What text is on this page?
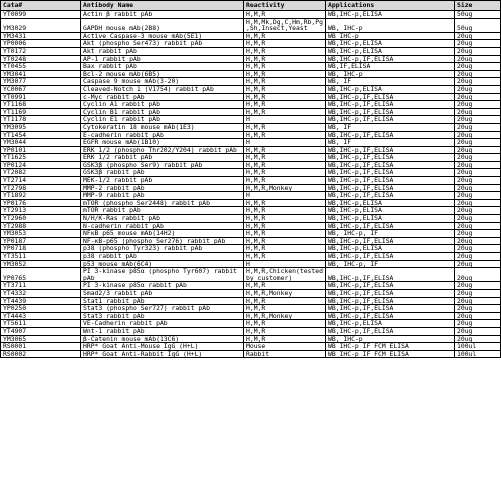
Cata#	Antibody Name	Reactivity	Applications	Size
YT0099	Actin β rabbit pAb	H,M,R	WB,IHC-p,ELISA	50ug
YM3029	GAPDH mouse mAb(2B8)	H,M,Mk,Dg,C,Hm,Rb,Pg,Sh,Insect,Yeast	WB, IHC-p	50ug
YM3431	Active Caspase-3 mouse mAb(5E1)	H,M,R	WB IHC-p	20ug
YP0006	Akt (phospho Ser473) rabbit pAb	H,M,R	WB,IHC-p,ELISA	20ug
YT0172	Akt rabbit pAb	H,M,R	WB,IHC-p,ELISA	20ug
YT0248	AP-1 rabbit pAb	H,M,R	WB,IHC-p,IF,ELISA	20ug
YT0455	Bax rabbit pAb	H,M,R	WB,IF,ELISA	20ug
YM3041	Bcl-2 mouse mAb(6B5)	H,M,R	WB, IHC-p	20ug
YM3077	Caspase 9 mouse mAb(3-20)	H,M,R	WB, IF	20ug
YC0067	Cleaved-Notch 1 (V1754) rabbit pAb	H,M,R	WB,IHC-p,ELISA	20ug
YT0991	c-Myc rabbit pAb	H,M,R	WB,IHC-p,IF,ELISA	20ug
YT1168	Cyclin A1 rabbit pAb	H,M,R	WB,IHC-p,IF,ELISA	20ug
YT1169	Cyclin B1 rabbit pAb	H,M,R	WB,IHC-p,IF,ELISA	20ug
YT1178	Cyclin E1 rabbit pAb	H	WB,IHC-p,IF,ELISA	20ug
YM3095	Cytokeratin 18 mouse mAb(1E3)	H,M,R	WB, IF	20ug
YT1454	E-cadherin rabbit pAb	H,M,R	WB,IHC-p,IF,ELISA	20ug
YM3044	EGFR mouse mAb(1B10)	H	WB, IF	20ug
YP0101	ERK 1/2 (phospho Thr202/Y204) rabbit pAb	H,M,R	WB,IHC-p,IF,ELISA	20ug
YT1625	ERK 1/2 rabbit pAb	H,M,R	WB,IHC-p,IF,ELISA	20ug
YP0124	GSK3β (phospho Ser9) rabbit pAb	H,M,R	WB,IHC-p,IF,ELISA	20ug
YT2082	GSK3β rabbit pAb	H,M,R	WB,IHC-p,IF,ELISA	20ug
YT2714	MEK-1/2 rabbit pAb	H,M,R	WB,IHC-p,IF,ELISA	20ug
YT2798	MMP-2 rabbit pAb	H,M,R,Monkey	WB,IHC-p,IF,ELISA	20ug
YT1892	MMP-9 rabbit pAb	H	WB,IHC-p,IF,ELISA	20ug
YP0176	mTOR (phospho Ser2448) rabbit pAb	H,M,R	WB,IHC-p,ELISA	20ug
YT2913	mTOR rabbit pAb	H,M,R	WB,IHC-p,ELISA	20ug
YT2960	N/H/K-Ras rabbit pAb	H,M,R	WB,IHC-p,ELISA	20ug
YT2988	N-cadherin rabbit pAb	H,M,R	WB,IHC-p,IF,ELISA	20ug
YM3053	NFκB p65 mouse mAb(14H2)	H,M,R	WB, IHC-p, IF	20ug
YP0187	NF-κB-p65 (phospho Ser276) rabbit pAb	H,M,R	WB,IHC-p,IF,ELISA	20ug
YP0718	p38 (phospho Tyr323) rabbit pAb	H,M,R	WB,IHC-p,ELISA	20ug
YT3511	p38 rabbit pAb	H,M,R	WB,IHC-p,IF,ELISA	20ug
YM3052	p53 mouse mAb(6C4)	H	WB, IHC-p, IF	20ug
YP0765	PI 3-kinase p85α (phospho Tyr607) rabbit pAb	H,M,R,Chicken(tested by customer)	WB,IHC-p,IF,ELISA	20ug
YT3711	PI 3-kinase p85α rabbit pAb	H,M,R	WB,IHC-p,IF,ELISA	20ug
YT4332	Smad2/3 rabbit pAb	H,M,R,Monkey	WB,IHC-p,IF,ELISA	20ug
YT4439	Stat1 rabbit pAb	H,M,R	WB,IHC-p,IF,ELISA	20ug
YP0250	Stat3 (phospho Ser727) rabbit pAb	H,M,R	WB,IHC-p,IF,ELISA	20ug
YT4443	Stat3 rabbit pAb	H,M,R,Monkey	WB,IHC-p,IF,ELISA	20ug
YT5611	VE-Cadherin rabbit pAb	H,M,R	WB,IHC-p,ELISA	20ug
YT4907	Wnt-1 rabbit pAb	H,M,R	WB,IHC-p,IF,ELISA	20ug
YM3065	β-Catenin mouse mAb(13C6)	H,M,R	WB, IHC-p	20ug
RS0001	HRP* Goat Anti-Mouse IgG (H+L)	Mouse	WB IHC-p IF FCM ELISA	100ul
RS0002	HRP* Goat Anti-Rabbit IgG (H+L)	Rabbit	WB IHC-p IF FCM ELISA	100ul
